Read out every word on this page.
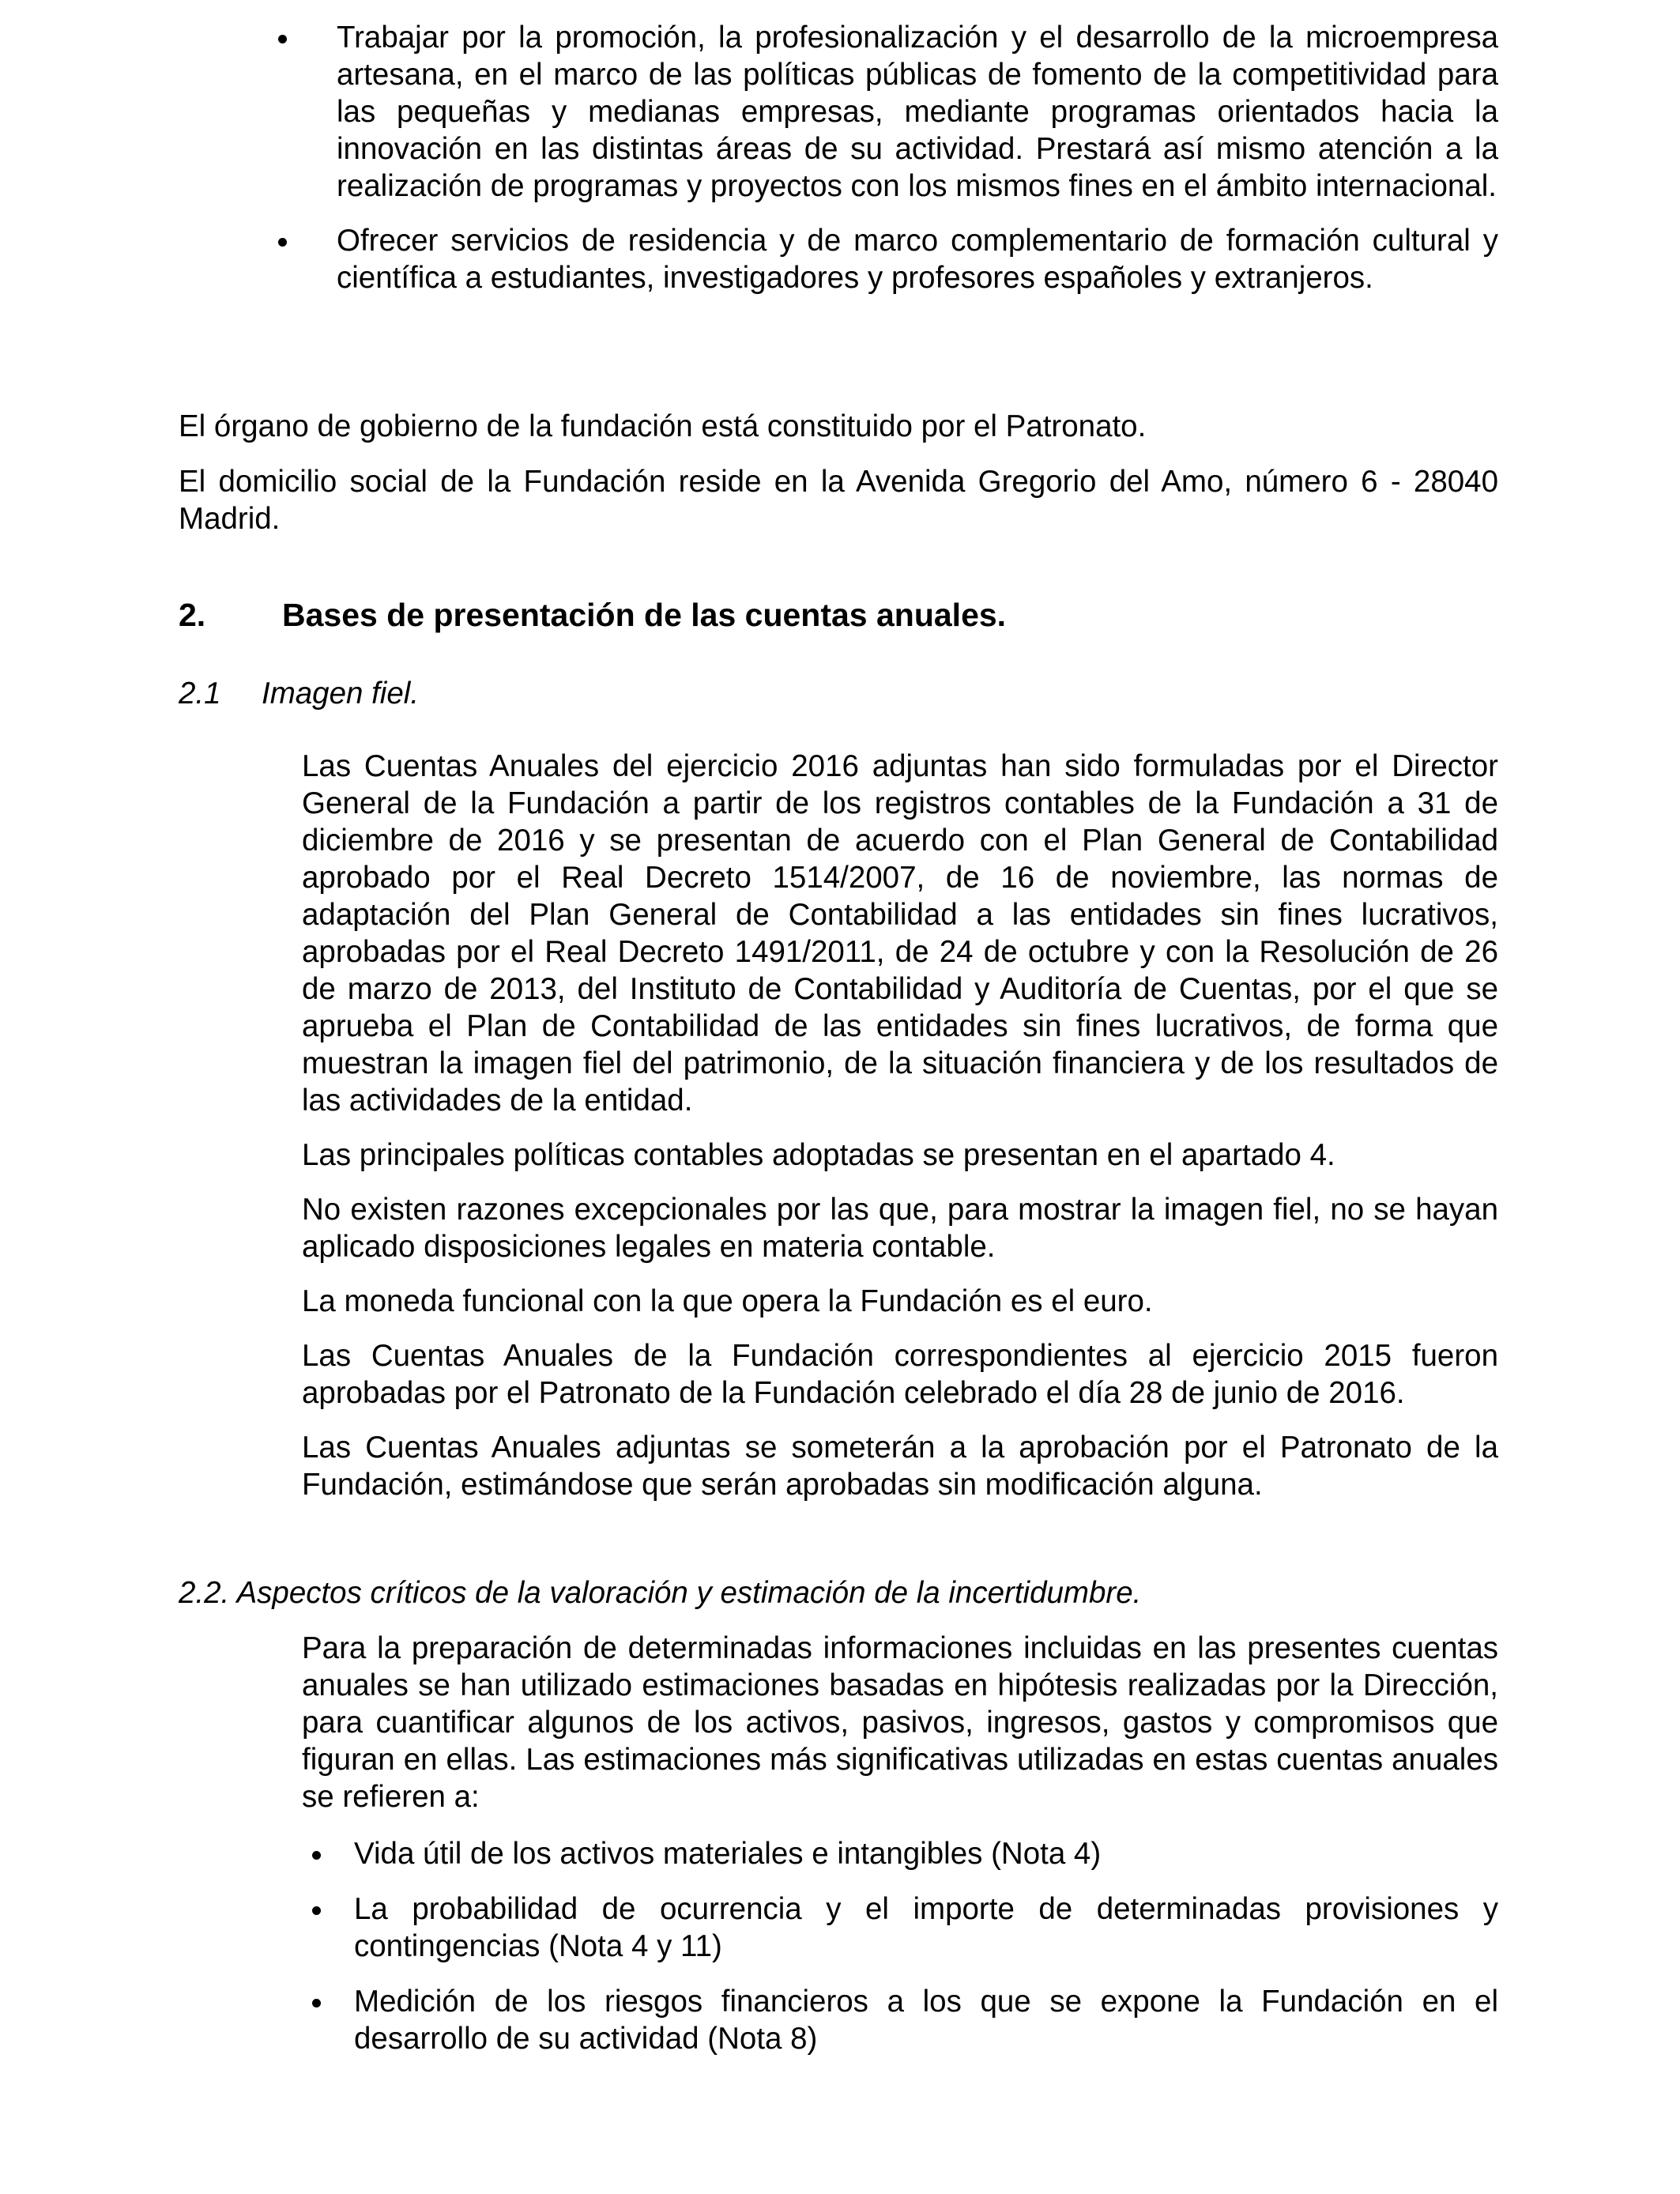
Trabajar por la promoción, la profesionalización y el desarrollo de la microempresa artesana, en el marco de las políticas públicas de fomento de la competitividad para las pequeñas y medianas empresas, mediante programas orientados hacia la innovación en las distintas áreas de su actividad. Prestará así mismo atención a la realización de programas y proyectos con los mismos fines en el ámbito internacional.

Ofrecer servicios de residencia y de marco complementario de formación cultural y científica a estudiantes, investigadores y profesores españoles y extranjeros.

El órgano de gobierno de la fundación está constituido por el Patronato.

El domicilio social de la Fundación reside en la Avenida Gregorio del Amo, número 6 - 28040 Madrid.

2. Bases de presentación de las cuentas anuales.
2.1 Imagen fiel.

Las Cuentas Anuales del ejercicio 2016 adjuntas han sido formuladas por el Director General de la Fundación a partir de los registros contables de la Fundación a 31 de diciembre de 2016 y se presentan de acuerdo con el Plan General de Contabilidad aprobado por el Real Decreto 1514/2007, de 16 de noviembre, las normas de adaptación del Plan General de Contabilidad a las entidades sin fines lucrativos, aprobadas por el Real Decreto 1491/2011, de 24 de octubre y con la Resolución de 26 de marzo de 2013, del Instituto de Contabilidad y Auditoría de Cuentas, por el que se aprueba el Plan de Contabilidad de las entidades sin fines lucrativos, de forma que muestran la imagen fiel del patrimonio, de la situación financiera y de los resultados de las actividades de la entidad.

Las principales políticas contables adoptadas se presentan en el apartado 4.

No existen razones excepcionales por las que, para mostrar la imagen fiel, no se hayan aplicado disposiciones legales en materia contable.

La moneda funcional con la que opera la Fundación es el euro.

Las Cuentas Anuales de la Fundación correspondientes al ejercicio 2015 fueron aprobadas por el Patronato de la Fundación celebrado el día 28 de junio de 2016.

Las Cuentas Anuales adjuntas se someterán a la aprobación por el Patronato de la Fundación, estimándose que serán aprobadas sin modificación alguna.

2.2. Aspectos críticos de la valoración y estimación de la incertidumbre.

Para la preparación de determinadas informaciones incluidas en las presentes cuentas anuales se han utilizado estimaciones basadas en hipótesis realizadas por la Dirección, para cuantificar algunos de los activos, pasivos, ingresos, gastos y compromisos que figuran en ellas. Las estimaciones más significativas utilizadas en estas cuentas anuales se refieren a:

Vida útil de los activos materiales e intangibles (Nota 4)

La probabilidad de ocurrencia y el importe de determinadas provisiones y contingencias (Nota 4 y 11)

Medición de los riesgos financieros a los que se expone la Fundación en el desarrollo de su actividad (Nota 8)
